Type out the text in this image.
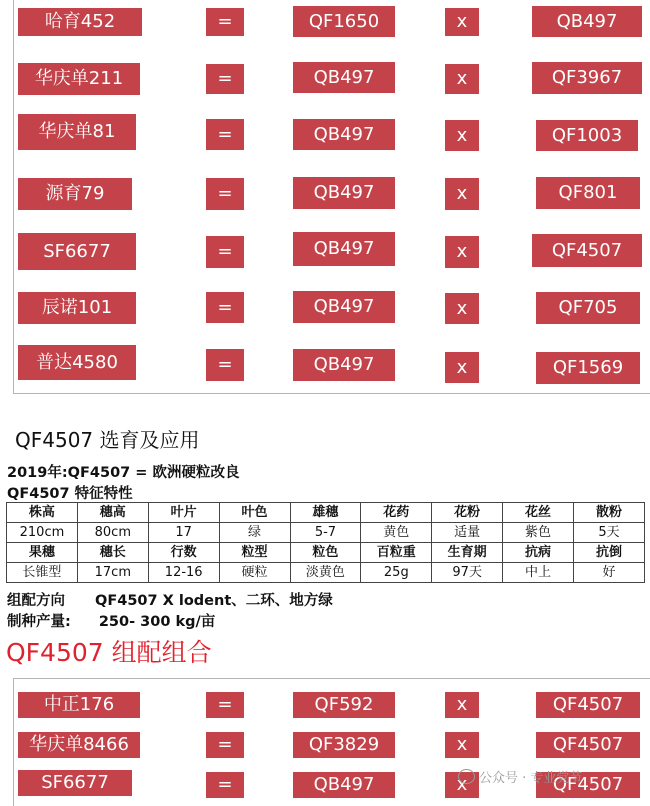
哈育452	=	QF1650	x	QB497
华庆单211	=	QB497	x	QF3967
华庆单81	=	QB497	x	QF1003
源育79	=	QB497	x	QF801
SF6677	=	QB497	x	QF4507
辰诺101	=	QB497	x	QF705
普达4580	=	QB497	x	QF1569
QF4507 选育及应用
2019年:QF4507 = 欧洲硬粒改良
QF4507 特征特性
株高	穗高	叶片	叶色	雄穗	花药	花粉	花丝	散粉
210cm	80cm	17	绿	5-7	黄色	适量	紫色	5天
果穗	穗长	行数	粒型	粒色	百粒重	生育期	抗病	抗倒
长锥型	17cm	12-16	硬粒	淡黄色	25g	97天	中上	好
组配方向 QF4507 X lodent、二环、地方绿
制种产量: 250- 300 kg/亩
QF4507 组配组合
中正176	=	QF592	x	QF4507
华庆单8466	=	QF3829	x	QF4507
SF6677	=	QB497	x	QF4507
公众号 · 专业党节
